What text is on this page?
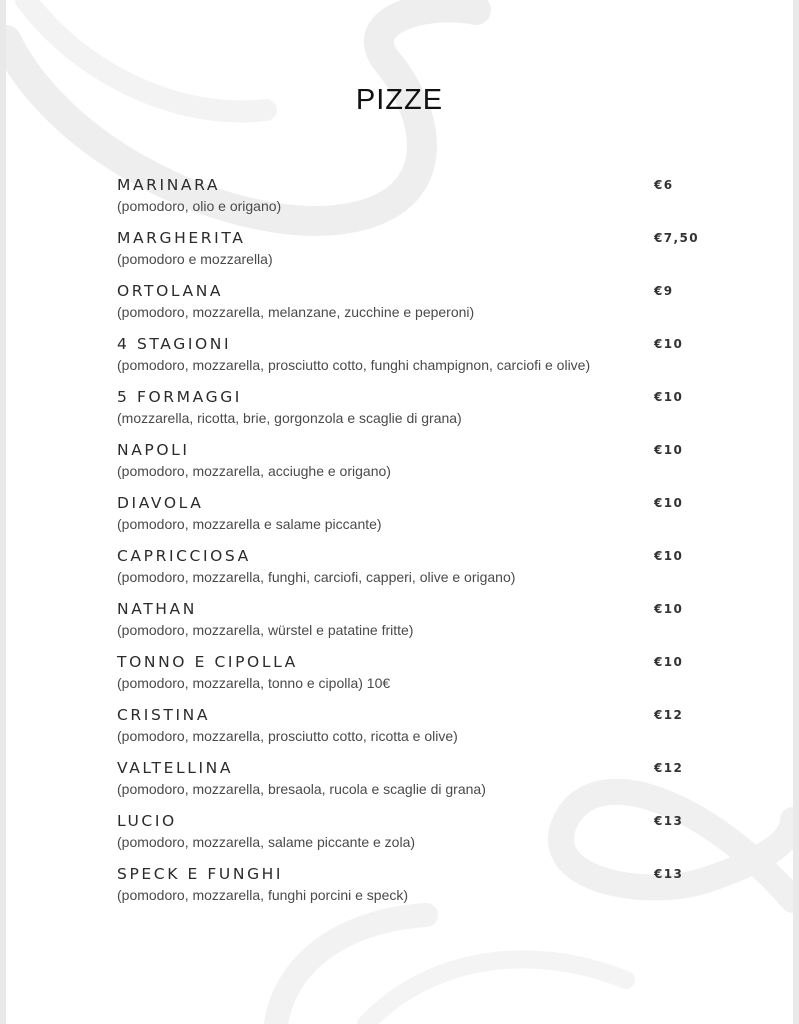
PIZZE
MARINARA	€6
(pomodoro, olio e origano)
MARGHERITA	€7,50
(pomodoro e mozzarella)
ORTOLANA	€9
(pomodoro, mozzarella, melanzane, zucchine e peperoni)
4 STAGIONI	€10
(pomodoro, mozzarella, prosciutto cotto, funghi champignon, carciofi e olive)
5 FORMAGGI	€10
(mozzarella, ricotta, brie, gorgonzola e scaglie di grana)
NAPOLI	€10
(pomodoro, mozzarella, acciughe e origano)
DIAVOLA	€10
(pomodoro, mozzarella e salame piccante)
CAPRICCIOSA	€10
(pomodoro, mozzarella, funghi, carciofi, capperi, olive e origano)
NATHAN	€10
(pomodoro, mozzarella, würstel e patatine fritte)
TONNO E CIPOLLA	€10
(pomodoro, mozzarella, tonno e cipolla) 10€
CRISTINA	€12
(pomodoro, mozzarella, prosciutto cotto, ricotta e olive)
VALTELLINA	€12
(pomodoro, mozzarella, bresaola, rucola e scaglie di grana)
LUCIO	€13
(pomodoro, mozzarella, salame piccante e zola)
SPECK E FUNGHI	€13
(pomodoro, mozzarella, funghi porcini e speck)
